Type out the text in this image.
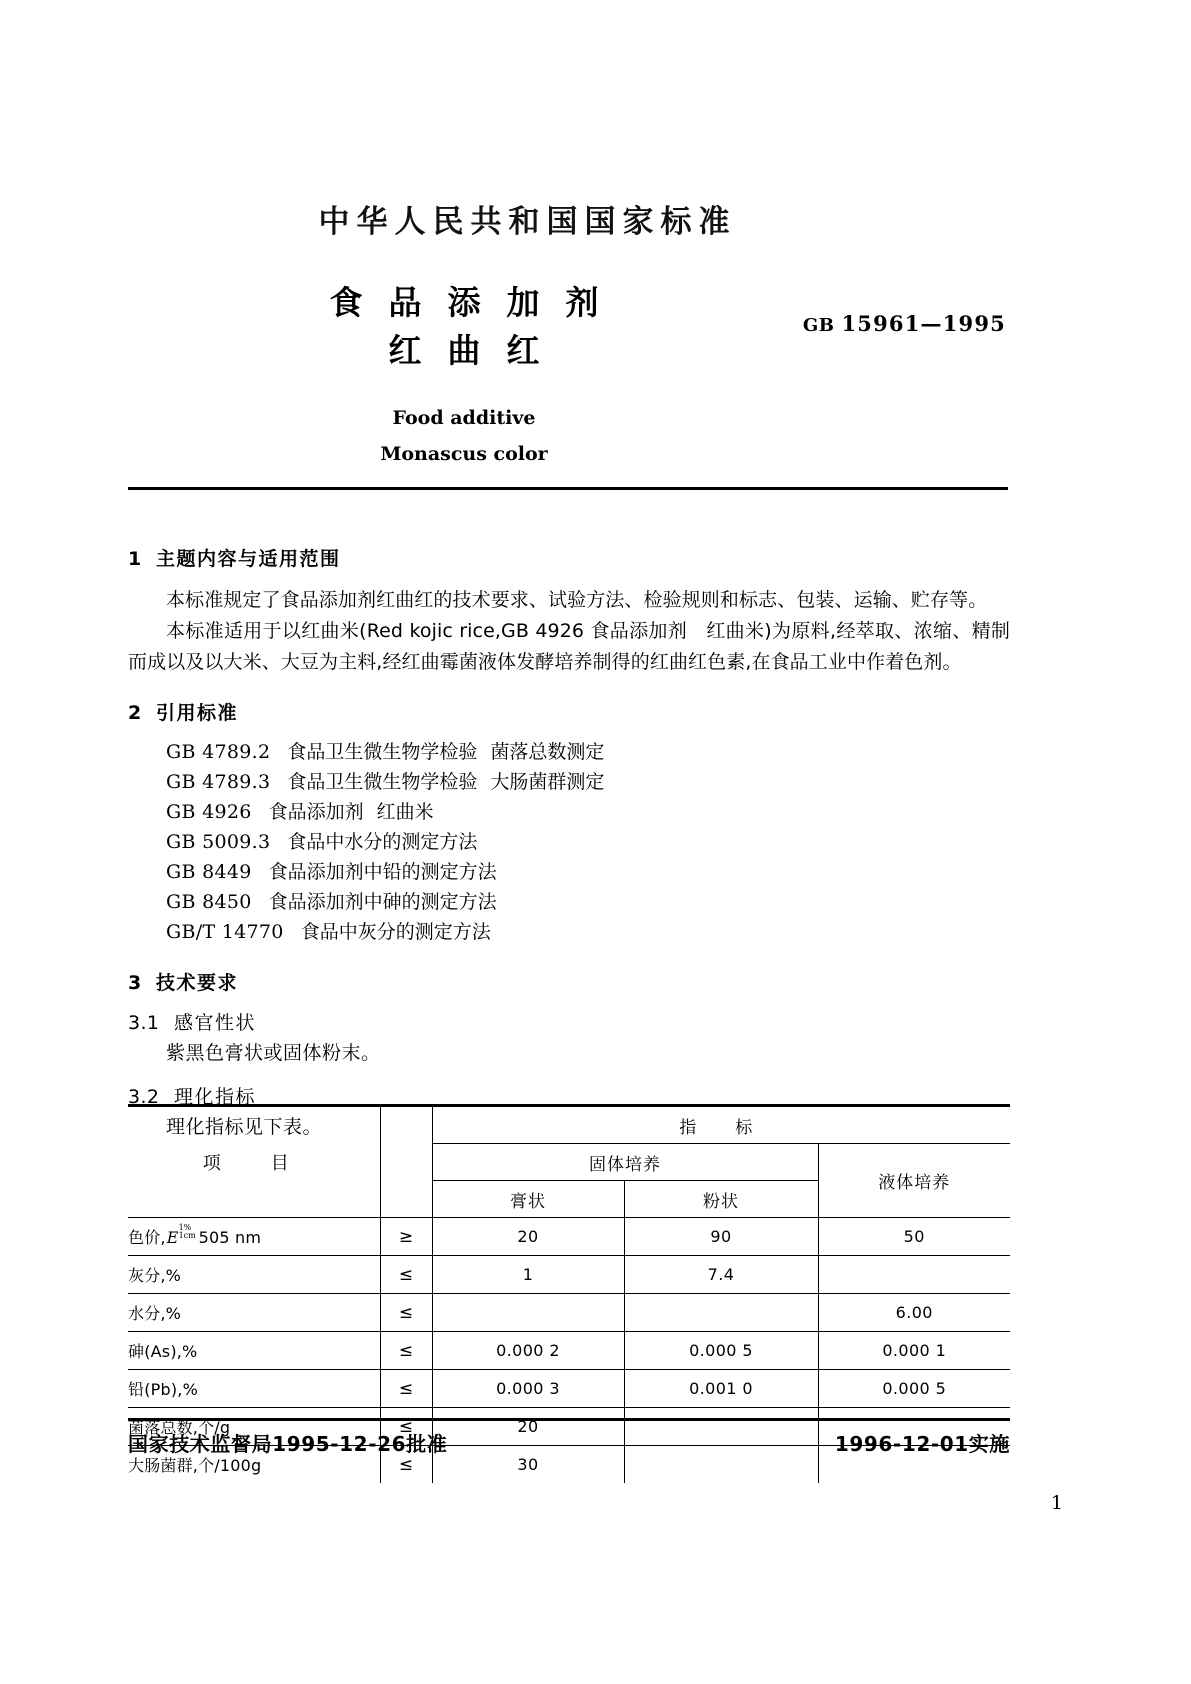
中华人民共和国国家标准
食品添加剂
红曲红
GB 15961—1995
Food additive
Monascus color
1 主题内容与适用范围

本标准规定了食品添加剂红曲红的技术要求、试验方法、检验规则和标志、包装、运输、贮存等。

本标准适用于以红曲米(Red kojic rice,GB 4926 食品添加剂　红曲米)为原料,经萃取、浓缩、精制而成以及以大米、大豆为主料,经红曲霉菌液体发酵培养制得的红曲红色素,在食品工业中作着色剂。

2 引用标准
GB 4789.2 食品卫生微生物学检验 菌落总数测定
GB 4789.3 食品卫生微生物学检验 大肠菌群测定
GB 4926 食品添加剂 红曲米
GB 5009.3 食品中水分的测定方法
GB 8449 食品添加剂中铅的测定方法
GB 8450 食品添加剂中砷的测定方法
GB/T 14770 食品中灰分的测定方法
3 技术要求
3.1 感官性状

紫黑色膏状或固体粉末。

3.2 理化指标

理化指标见下表。

项　目		指　标		
		固体培养		液体培养
		膏状	粉状	
色价,E
1%
1cm 505 nm	≥	20	90	50
灰分,%	≤	1	7.4	
水分,%	≤			6.00
砷(As),%	≤	0.000 2	0.000 5	0.000 1
铅(Pb),%	≤	0.000 3	0.001 0	0.000 5
菌落总数,个/g	≤	20		
大肠菌群,个/100g	≤	30		
国家技术监督局1995-12-26批准	1996-12-01实施
1
